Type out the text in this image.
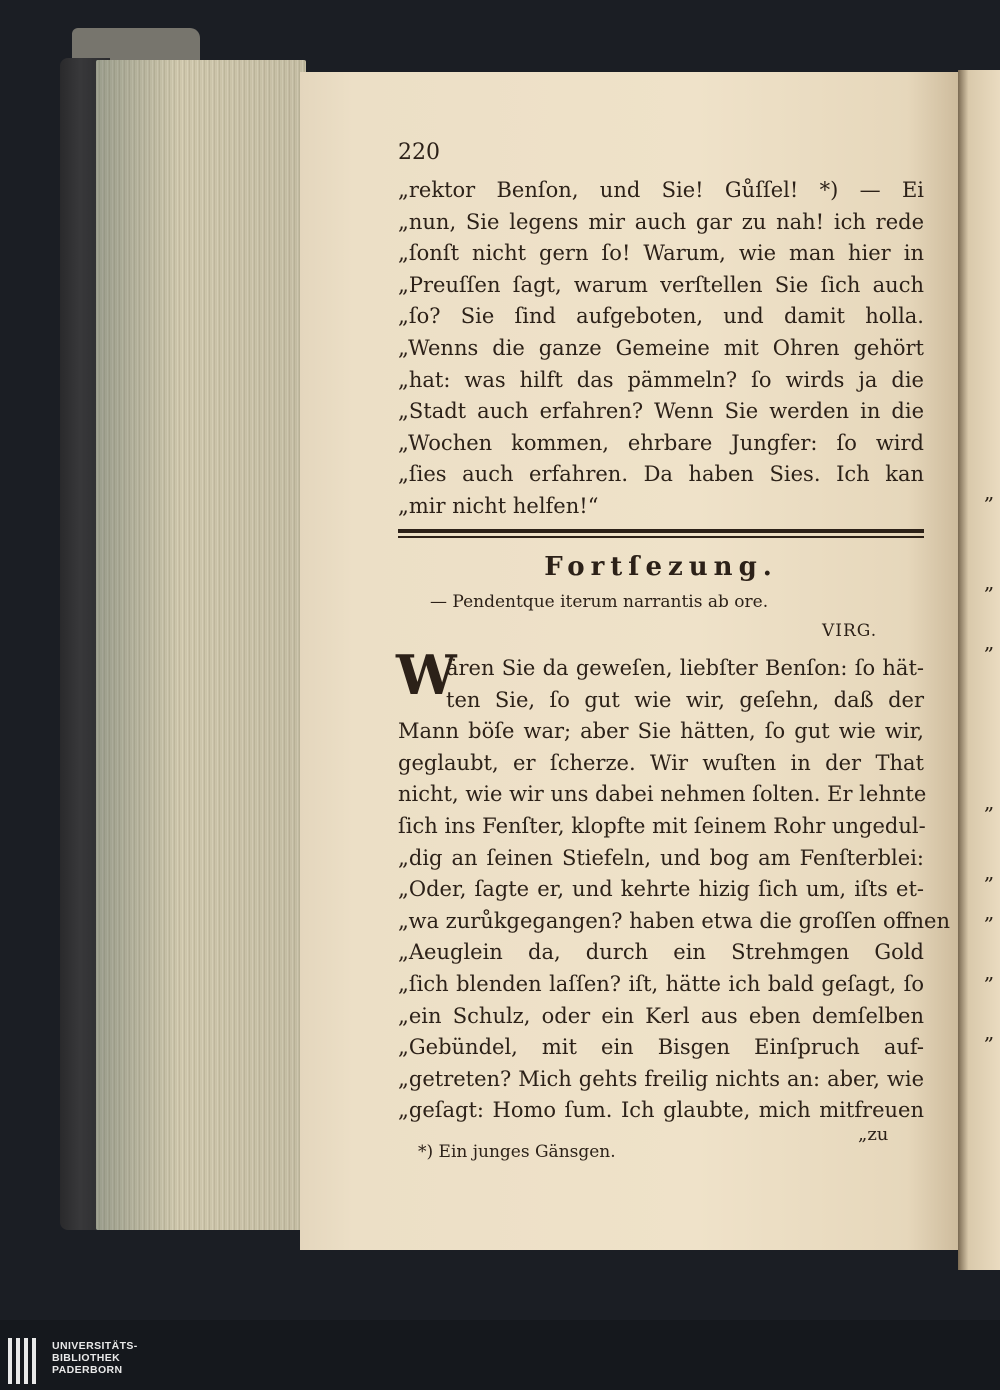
„
„
„
„
„
„
„
„
220
„rektor Benſon, und Sie! Gůſſel! *) — Ei
„nun, Sie legens mir auch gar zu nah! ich rede
„ſonſt nicht gern ſo! Warum, wie man hier in
„Preuſſen ſagt, warum verſtellen Sie ſich auch
„ſo? Sie ſind aufgeboten, und damit holla.
„Wenns die ganze Gemeine mit Ohren gehört
„hat: was hilft das pämmeln? ſo wirds ja die
„Stadt auch erfahren? Wenn Sie werden in die
„Wochen kommen, ehrbare Jungfer: ſo wird
„ſies auch erfahren. Da haben Sies. Ich kan
„mir nicht helfen!“
Fortſezung.
— Pendentque iterum narrantis ab ore.
VIRG.
W
ären Sie da geweſen, liebſter Benſon: ſo hät-
ten Sie, ſo gut wie wir, geſehn, daß der
Mann böſe war; aber Sie hätten, ſo gut wie wir,
geglaubt, er ſcherze. Wir wuſten in der That
nicht, wie wir uns dabei nehmen ſolten. Er lehnte
ſich ins Fenſter, klopfte mit ſeinem Rohr ungedul-
„dig an ſeinen Stiefeln, und bog am Fenſterblei:
„Oder, ſagte er, und kehrte hizig ſich um, iſts et-
„wa zurůkgegangen? haben etwa die groſſen offnen
„Aeuglein da, durch ein Strehmgen Gold
„ſich blenden laſſen? iſt, hätte ich bald geſagt, ſo
„ein Schulz, oder ein Kerl aus eben demſelben
„Gebündel, mit ein Bisgen Einſpruch auf-
„getreten? Mich gehts freilig nichts an: aber, wie
„geſagt: Homo ſum. Ich glaubte, mich mitfreuen
„zu
*) Ein junges Gänsgen.
UNIVERSITÄTS-
BIBLIOTHEK
PADERBORN
